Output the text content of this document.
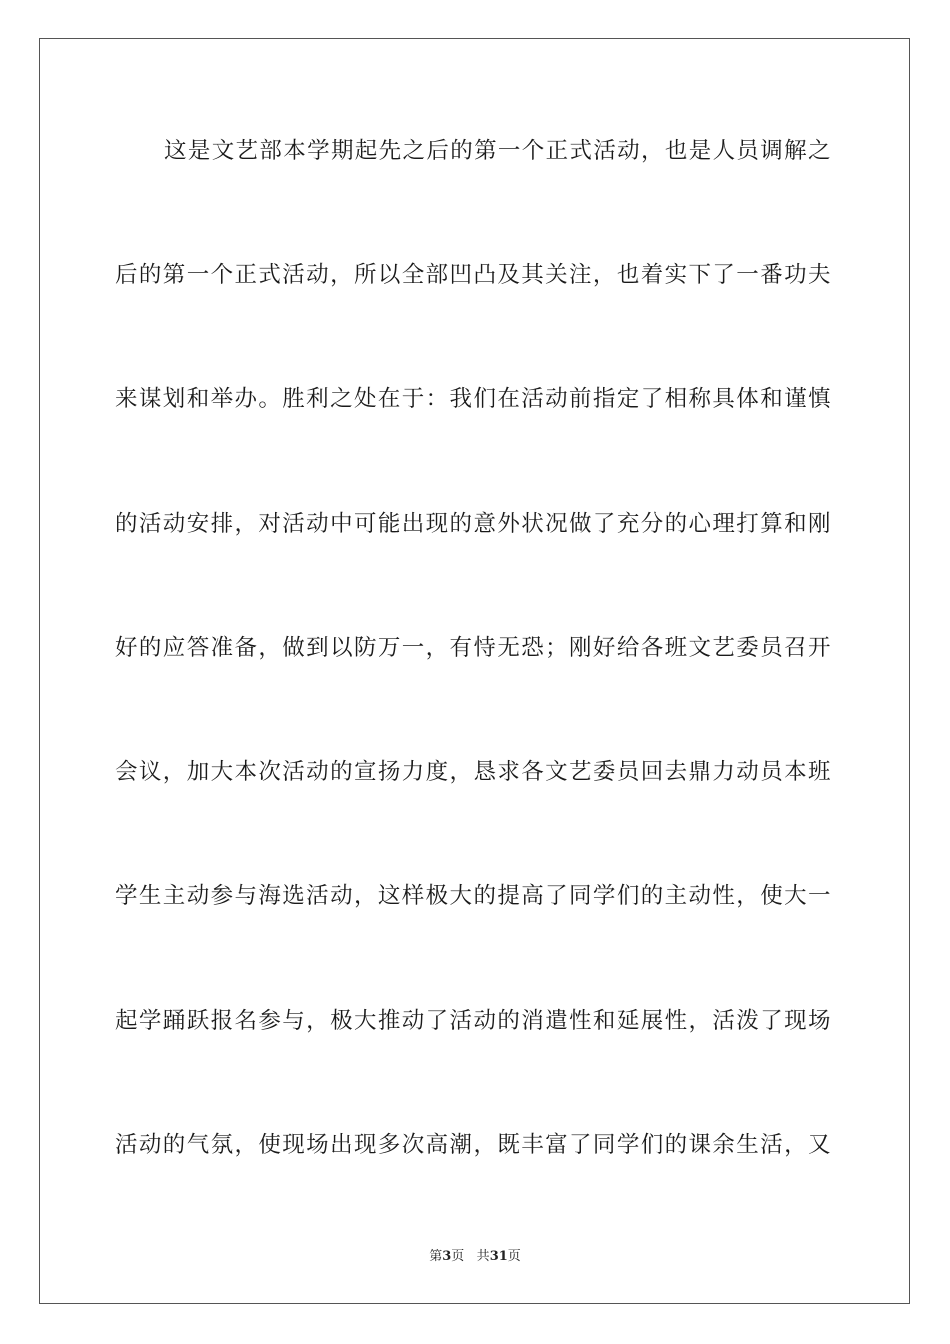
这是文艺部本学期起先之后的第一个正式活动，也是人员调解之
后的第一个正式活动，所以全部凹凸及其关注，也着实下了一番功夫
来谋划和举办。胜利之处在于：我们在活动前指定了相称具体和谨慎
的活动安排，对活动中可能出现的意外状况做了充分的心理打算和刚
好的应答准备，做到以防万一，有恃无恐；刚好给各班文艺委员召开
会议，加大本次活动的宣扬力度，恳求各文艺委员回去鼎力动员本班
学生主动参与海选活动，这样极大的提高了同学们的主动性，使大一
起学踊跃报名参与，极大推动了活动的消遣性和延展性，活泼了现场
活动的气氛，使现场出现多次高潮，既丰富了同学们的课余生活，又
第3页 共31页
